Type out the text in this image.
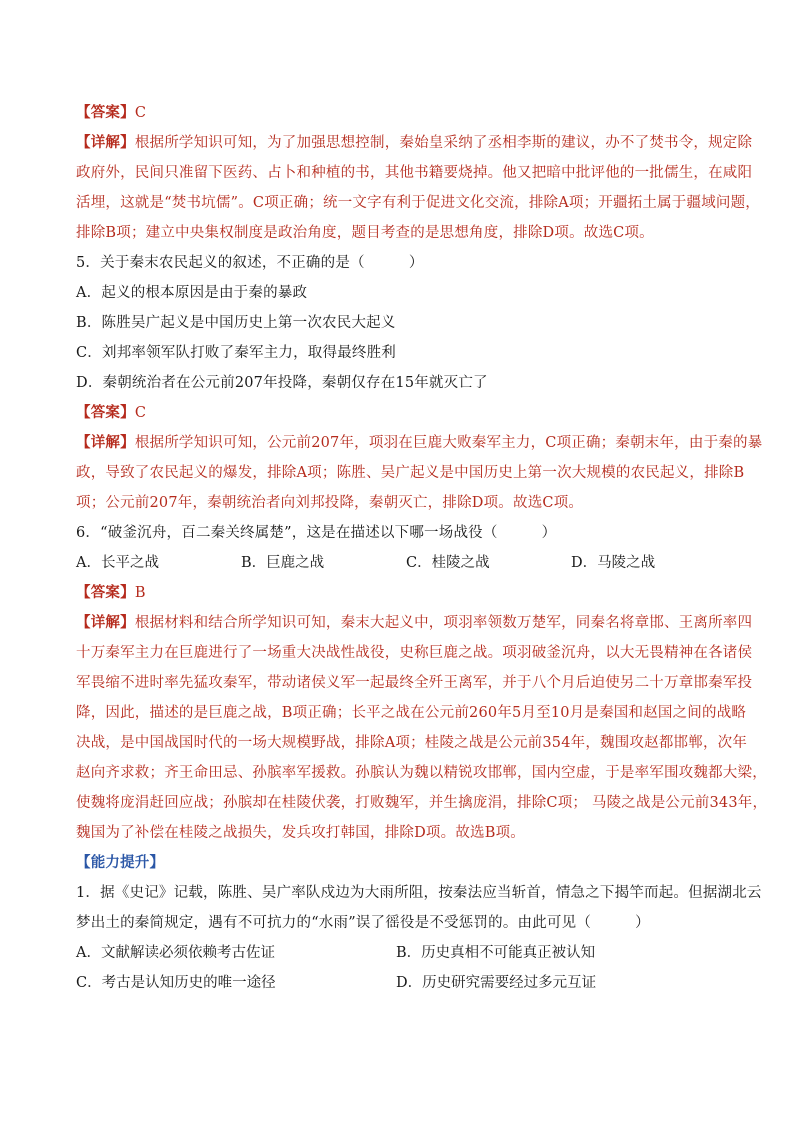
【答案】C
【详解】根据所学知识可知，为了加强思想控制，秦始皇采纳了丞相李斯的建议，办不了焚书令，规定除
政府外，民间只准留下医药、占卜和种植的书，其他书籍要烧掉。他又把暗中批评他的一批儒生，在咸阳
活埋，这就是“焚书坑儒”。C项正确；统一文字有利于促进文化交流，排除A项；开疆拓土属于疆域问题，
排除B项；建立中央集权制度是政治角度，题目考查的是思想角度，排除D项。故选C项。
5．关于秦末农民起义的叙述，不正确的是（　　　）
A．起义的根本原因是由于秦的暴政
B．陈胜吴广起义是中国历史上第一次农民大起义
C．刘邦率领军队打败了秦军主力，取得最终胜利
D．秦朝统治者在公元前207年投降，秦朝仅存在15年就灭亡了
【答案】C
【详解】根据所学知识可知，公元前207年，项羽在巨鹿大败秦军主力，C项正确；秦朝末年，由于秦的暴
政，导致了农民起义的爆发，排除A项；陈胜、吴广起义是中国历史上第一次大规模的农民起义，排除B
项；公元前207年，秦朝统治者向刘邦投降，秦朝灭亡，排除D项。故选C项。
6．“破釜沉舟，百二秦关终属楚”，这是在描述以下哪一场战役（　　　）
A．长平之战	B．巨鹿之战	C．桂陵之战	D．马陵之战
【答案】B
【详解】根据材料和结合所学知识可知，秦末大起义中，项羽率领数万楚军，同秦名将章邯、王离所率四
十万秦军主力在巨鹿进行了一场重大决战性战役，史称巨鹿之战。项羽破釜沉舟，以大无畏精神在各诸侯
军畏缩不进时率先猛攻秦军，带动诸侯义军一起最终全歼王离军，并于八个月后迫使另二十万章邯秦军投
降，因此，描述的是巨鹿之战，B项正确；长平之战在公元前260年5月至10月是秦国和赵国之间的战略
决战，是中国战国时代的一场大规模野战，排除A项；桂陵之战是公元前354年，魏围攻赵都邯郸，次年
赵向齐求救；齐王命田忌、孙膑率军援救。孙膑认为魏以精锐攻邯郸，国内空虚，于是率军围攻魏都大梁，
使魏将庞涓赶回应战；孙膑却在桂陵伏袭，打败魏军，并生擒庞涓，排除C项； 马陵之战是公元前343年，
魏国为了补偿在桂陵之战损失，发兵攻打韩国，排除D项。故选B项。
【能力提升】
1．据《史记》记载，陈胜、吴广率队戍边为大雨所阻，按秦法应当斩首，情急之下揭竿而起。但据湖北云
梦出土的秦简规定，遇有不可抗力的“水雨”误了徭役是不受惩罚的。由此可见（　　　）
A．文献解读必须依赖考古佐证	B．历史真相不可能真正被认知
C．考古是认知历史的唯一途径	D．历史研究需要经过多元互证
